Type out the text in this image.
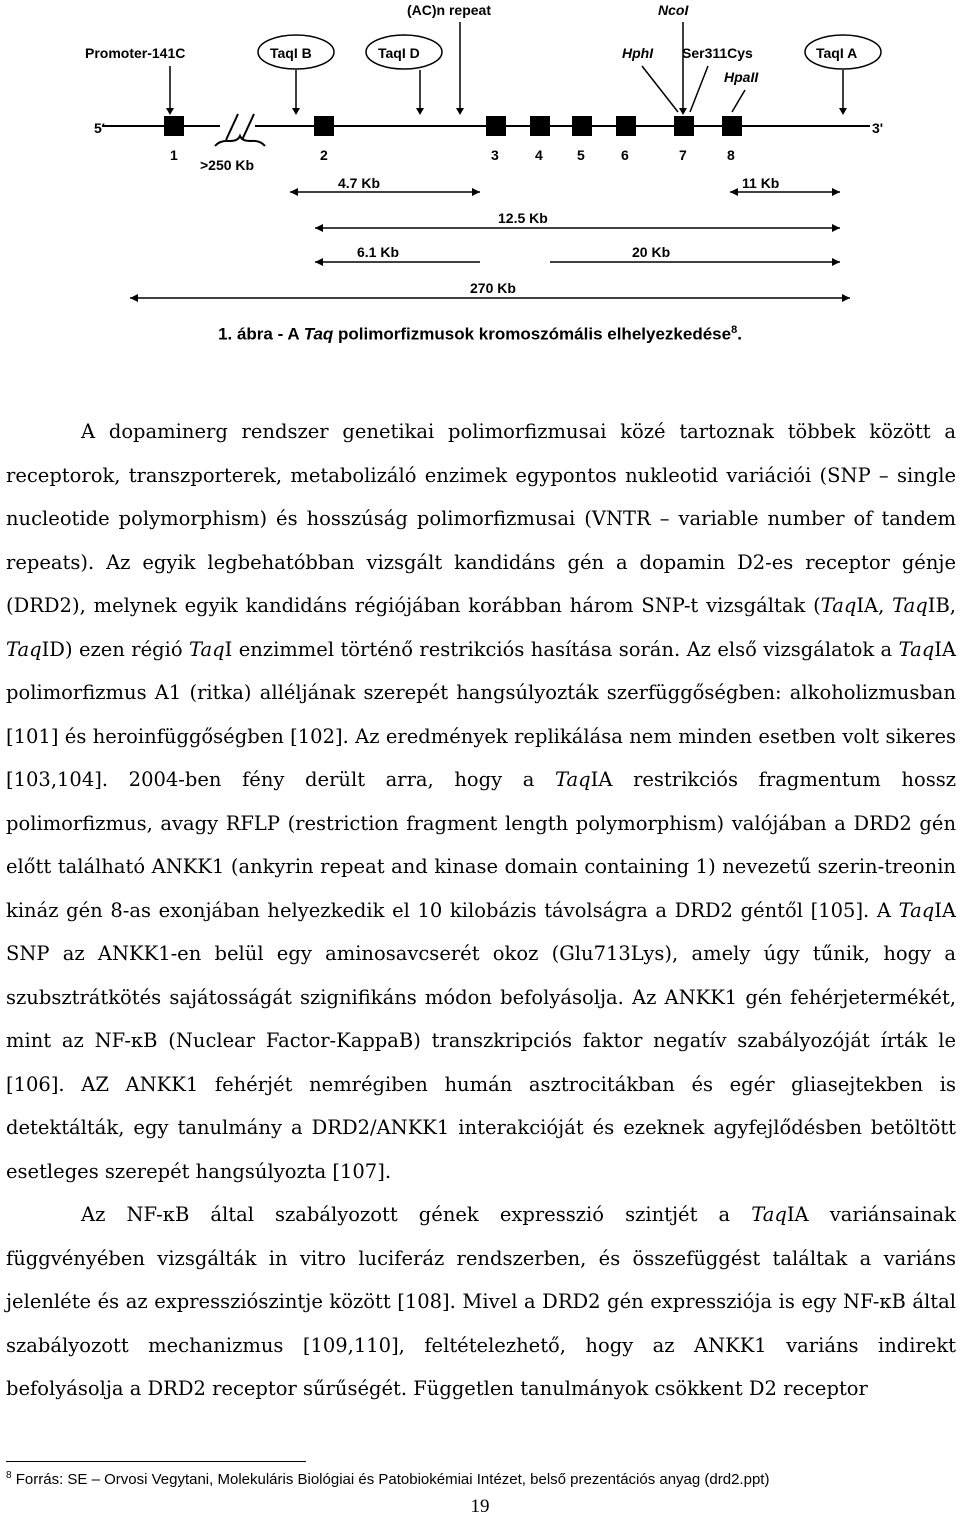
5'	3'
1	2	3	4 5	6	7	8
>250 Kb
Promoter-141C	TaqI B	TaqI D
(AC)n repeat	NcoI
HphI Ser311Cys
HpaII
TaqI A
4.7 Kb	11 Kb
12.5 Kb
6.1 Kb	20 Kb
270 Kb
1. ábra - A Taq polimorfizmusok kromoszómális elhelyezkedése$^8$.

A dopaminerg rendszer genetikai polimorfizmusai közé tartoznak többek között a receptorok, transzporterek, metabolizáló enzimek egypontos nukleotid variációi (SNP – single nucleotide polymorphism) és hosszúság polimorfizmusai (VNTR – variable number of tandem repeats). Az egyik legbehatóbban vizsgált kandidáns gén a dopamin D2-es receptor génje (DRD2), melynek egyik kandidáns régiójában korábban három SNP-t vizsgáltak (TaqIA, TaqIB, TaqID) ezen régió TaqI enzimmel történő restrikciós hasítása során. Az első vizsgálatok a TaqIA polimorfizmus A1 (ritka) alléljának szerepét hangsúlyozták szerfüggőségben: alkoholizmusban [101] és heroinfüggőségben [102]. Az eredmények replikálása nem minden esetben volt sikeres [103,104]. 2004-ben fény derült arra, hogy a TaqIA restrikciós fragmentum hossz polimorfizmus, avagy RFLP (restriction fragment length polymorphism) valójában a DRD2 gén előtt található ANKK1 (ankyrin repeat and kinase domain containing 1) nevezetű szerin-treonin kináz gén 8-as exonjában helyezkedik el 10 kilobázis távolságra a DRD2 géntől [105]. A TaqIA SNP az ANKK1-en belül egy aminosavcserét okoz (Glu713Lys), amely úgy tűnik, hogy a szubsztrátkötés sajátosságát szignifikáns módon befolyásolja. Az ANKK1 gén fehérjetermékét, mint az NF-κB (Nuclear Factor-KappaB) transzkripciós faktor negatív szabályozóját írták le [106]. AZ ANKK1 fehérjét nemrégiben humán asztrocitákban és egér gliasejtekben is detektálták, egy tanulmány a DRD2/ANKK1 interakcióját és ezeknek agyfejlődésben betöltött esetleges szerepét hangsúlyozta [107].

Az NF-κB által szabályozott gének expresszió szintjét a TaqIA variánsainak függvényében vizsgálták in vitro luciferáz rendszerben, és összefüggést találtak a variáns jelenléte és az expressziószintje között [108]. Mivel a DRD2 gén expressziója is egy NF-κB által szabályozott mechanizmus [109,110], feltételezhető, hogy az ANKK1 variáns indirekt befolyásolja a DRD2 receptor sűrűségét. Független tanulmányok csökkent D2 receptor

$^8$ Forrás: SE – Orvosi Vegytani, Molekuláris Biológiai és Patobiokémiai Intézet, belső prezentációs anyag (drd2.ppt)
19
